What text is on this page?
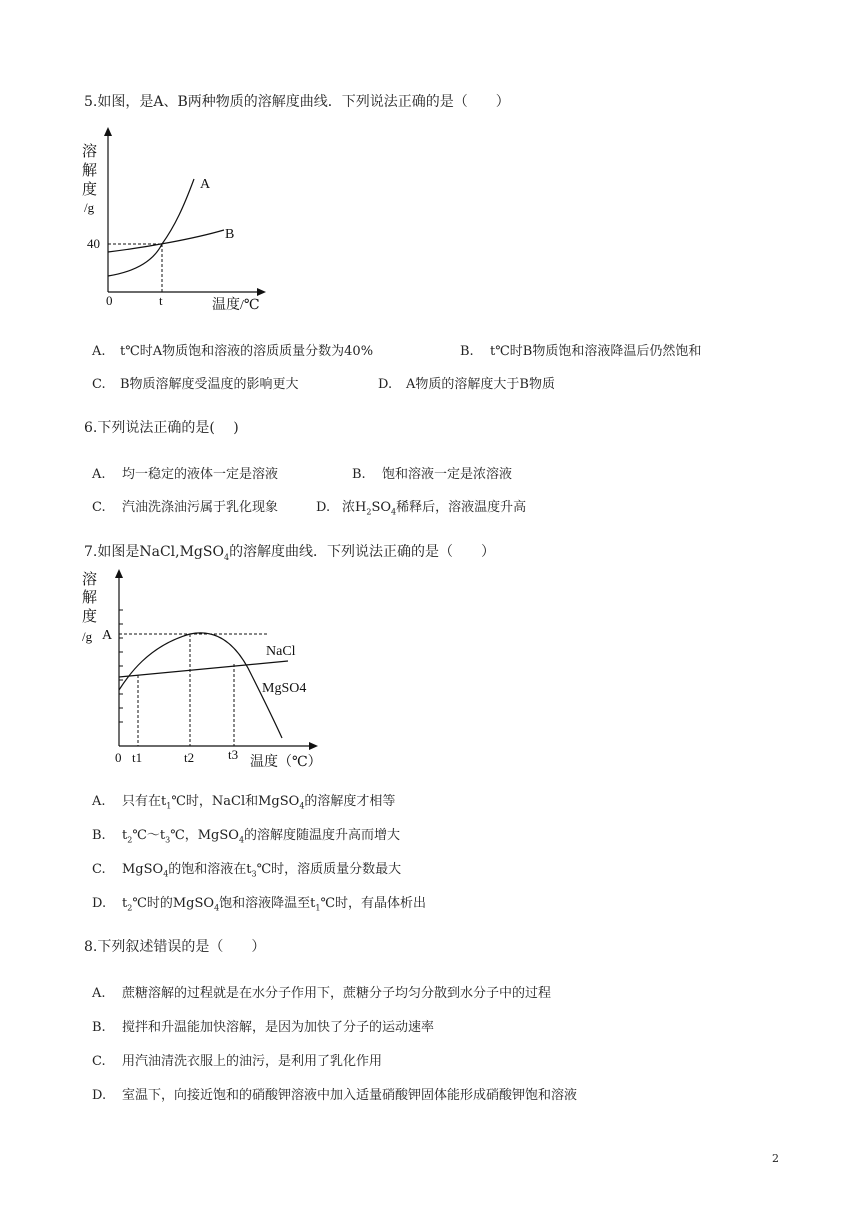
5.如图，是A、B两种物质的溶解度曲线．下列说法正确的是（　　）
溶
解
度
/g
A
B
40
0	t	温度/℃
A. t℃时A物质饱和溶液的溶质质量分数为40%	B. t℃时B物质饱和溶液降温后仍然饱和
C. B物质溶解度受温度的影响更大	D. A物质的溶解度大于B物质
6.下列说法正确的是(　 )
A. 均一稳定的液体一定是溶液	B. 饱和溶液一定是浓溶液
C. 汽油洗涤油污属于乳化现象	D. 浓$H_2SO_4$稀释后，溶液温度升高
7.如图是NaCl,MgSO$_4$的溶解度曲线．下列说法正确的是（　　）
溶
解
度
/g A
NaCl
MgSO4
0 t1	t2	t3
温度（℃）
A. 只有在$t_1℃$时，NaCl和MgSO$_4$的溶解度才相等
B. $t_2℃\sim t_3℃$，MgSO$_4$的溶解度随温度升高而增大
C. MgSO$_4$的饱和溶液在$t_3℃$时，溶质质量分数最大
D. $t_2℃$时的MgSO$_4$饱和溶液降温至$t_1℃$时，有晶体析出
8.下列叙述错误的是（　　）
A. 蔗糖溶解的过程就是在水分子作用下，蔗糖分子均匀分散到水分子中的过程
B. 搅拌和升温能加快溶解，是因为加快了分子的运动速率
C. 用汽油清洗衣服上的油污，是利用了乳化作用
D. 室温下，向接近饱和的硝酸钾溶液中加入适量硝酸钾固体能形成硝酸钾饱和溶液
2
